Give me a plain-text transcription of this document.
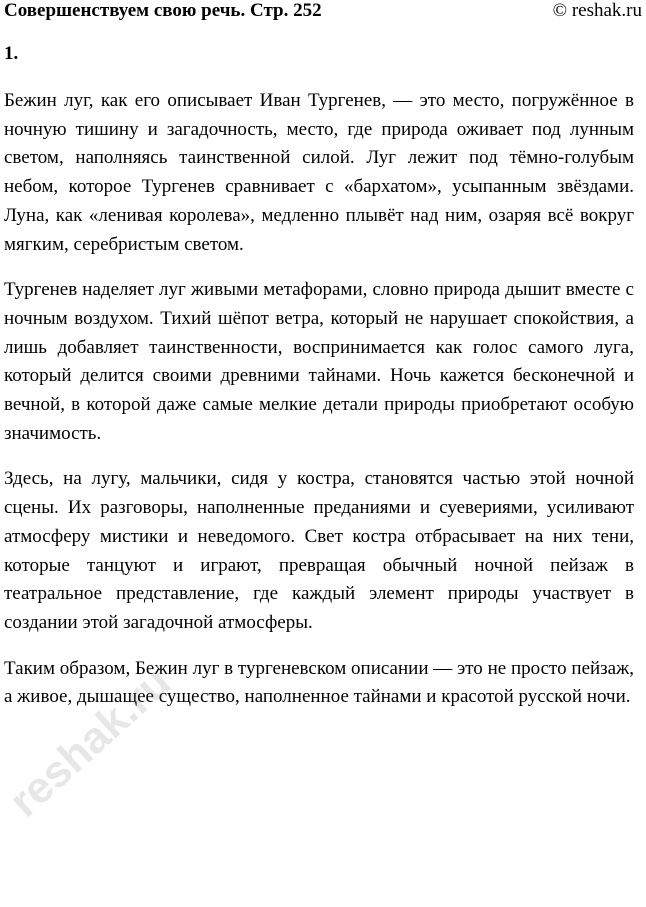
Совершенствуем свою речь. Стр. 252	© reshak.ru
1.

Бежин луг, как его описывает Иван Тургенев, — это место, погружённое в ночную тишину и загадочность, место, где природа оживает под лунным светом, наполняясь таинственной силой. Луг лежит под тёмно-голубым небом, которое Тургенев сравнивает с «бархатом», усыпанным звёздами. Луна, как «ленивая королева», медленно плывёт над ним, озаряя всё вокруг мягким, серебристым светом.

Тургенев наделяет луг живыми метафорами, словно природа дышит вместе с ночным воздухом. Тихий шёпот ветра, который не нарушает спокойствия, а лишь добавляет таинственности, воспринимается как голос самого луга, который делится своими древними тайнами. Ночь кажется бесконечной и вечной, в которой даже самые мелкие детали природы приобретают особую значимость.

Здесь, на лугу, мальчики, сидя у костра, становятся частью этой ночной сцены. Их разговоры, наполненные преданиями и суевериями, усиливают атмосферу мистики и неведомого. Свет костра отбрасывает на них тени, которые танцуют и играют, превращая обычный ночной пейзаж в театральное представление, где каждый элемент природы участвует в создании этой загадочной атмосферы.

Таким образом, Бежин луг в тургеневском описании — это не просто пейзаж, а живое, дышащее существо, наполненное тайнами и красотой русской ночи.

reshak.ru
